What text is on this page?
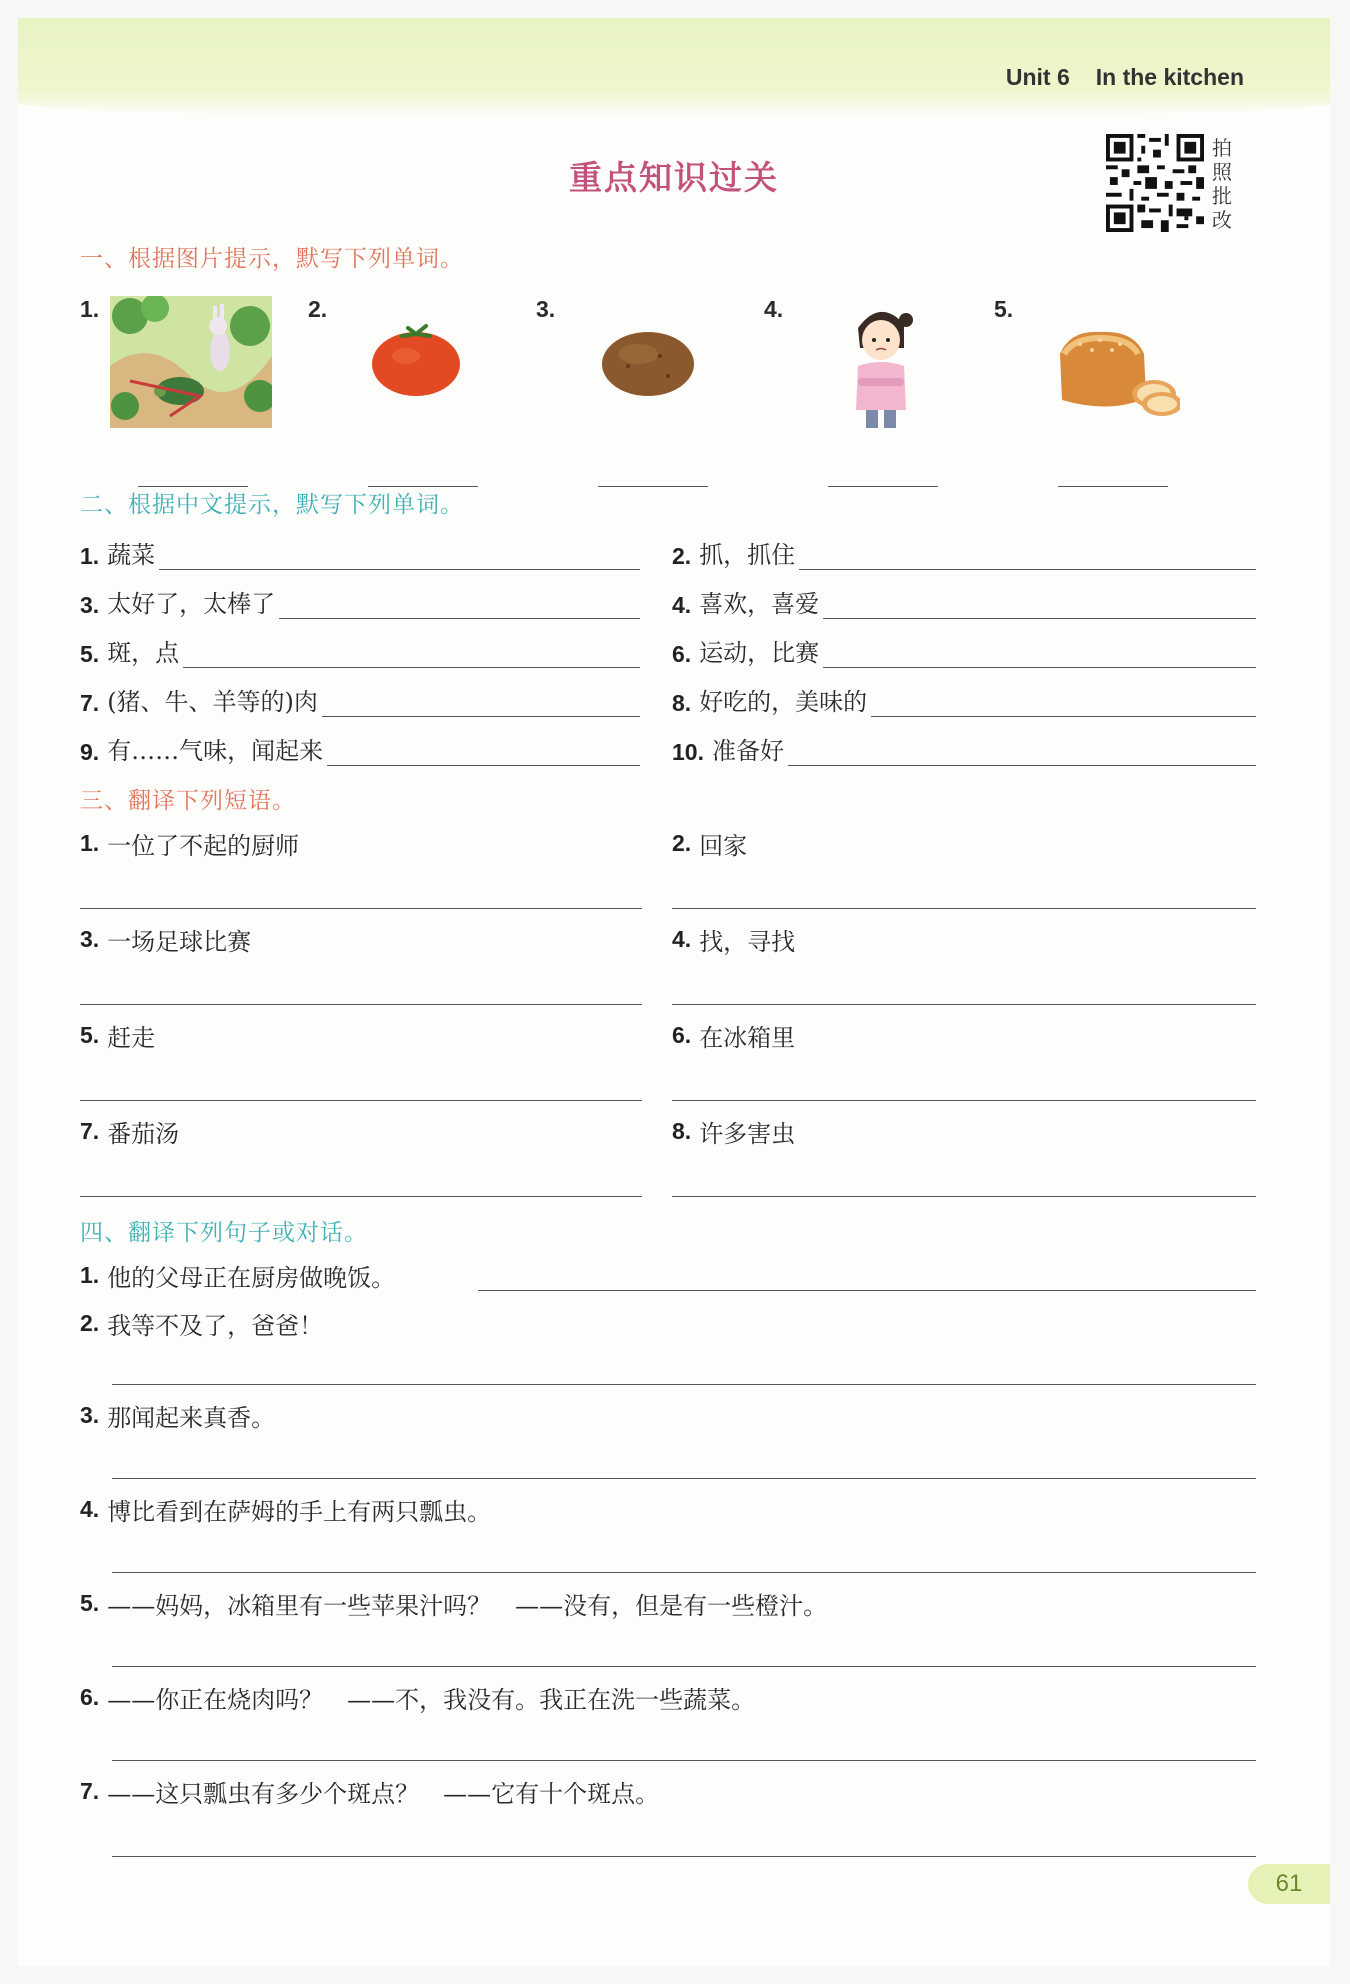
Unit 6 In the kitchen
重点知识过关
拍
照
批
改
一、根据图片提示，默写下列单词。
1.	2.	3.	4.	5.
二、根据中文提示，默写下列单词。
1. 蔬菜	2. 抓，抓住
3. 太好了，太棒了	4. 喜欢，喜爱
5. 斑，点	6. 运动，比赛
7. (猪、牛、羊等的)肉	8. 好吃的，美味的
9. 有……气味，闻起来	10. 准备好
三、翻译下列短语。
1. 一位了不起的厨师	2. 回家
3. 一场足球比赛	4. 找，寻找
5. 赶走	6. 在冰箱里
7. 番茄汤	8. 许多害虫
四、翻译下列句子或对话。
1. 他的父母正在厨房做晚饭。
2. 我等不及了，爸爸！
3. 那闻起来真香。
4. 博比看到在萨姆的手上有两只瓢虫。
5. ——妈妈，冰箱里有一些苹果汁吗？　——没有，但是有一些橙汁。
6. ——你正在烧肉吗？　——不，我没有。我正在洗一些蔬菜。
7. ——这只瓢虫有多少个斑点？　——它有十个斑点。
61
